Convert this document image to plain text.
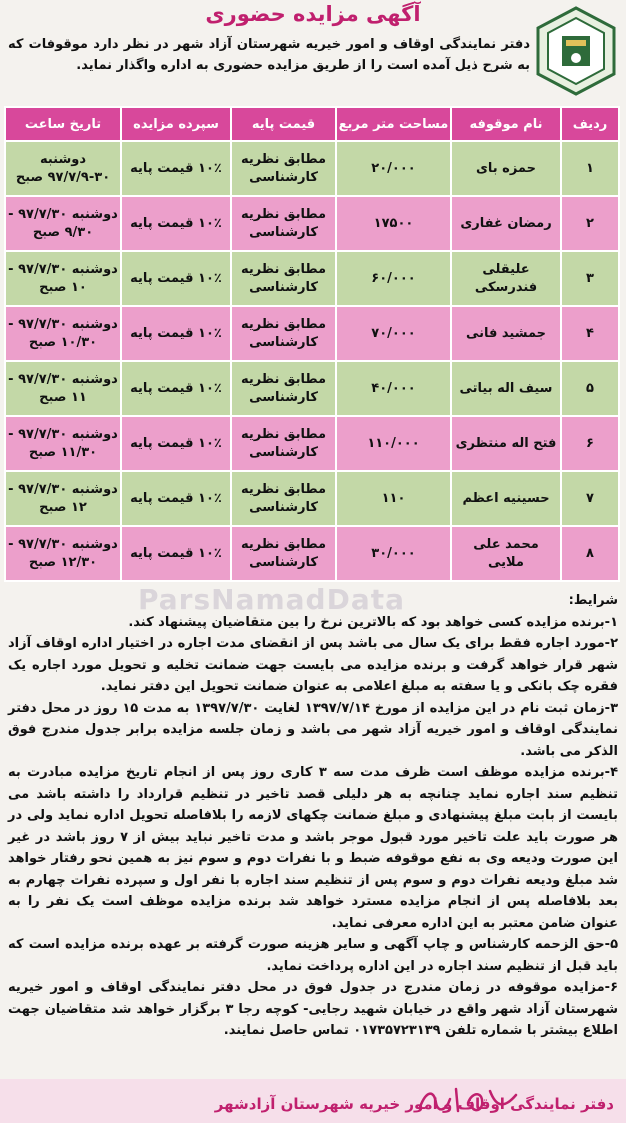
آگهی مزایده حضوری
دفتر نمایندگی اوقاف و امور خیریه شهرستان آزاد شهر در نظر دارد موقوفات که به شرح ذیل آمده است را از طریق مزایده حضوری به اداره واگذار نماید.
ردیف	نام موقوفه	مساحت متر مربع	قیمت پایه	سپرده مزایده	تاریخ ساعت
۱	حمزه بای	۲۰/۰۰۰	مطابق نظریه کارشناسی	۱۰٪ قیمت پایه	دوشنبه ۳۰-۹۷/۷/۹ صبح
۲	رمضان غفاری	۱۷۵۰۰	مطابق نظریه کارشناسی	۱۰٪ قیمت پایه	دوشنبه ۹۷/۷/۳۰ - ۹/۳۰ صبح
۳	علیقلی فندرسکی	۶۰/۰۰۰	مطابق نظریه کارشناسی	۱۰٪ قیمت پایه	دوشنبه ۹۷/۷/۳۰ - ۱۰ صبح
۴	جمشید فانی	۷۰/۰۰۰	مطابق نظریه کارشناسی	۱۰٪ قیمت پایه	دوشنبه ۹۷/۷/۳۰ - ۱۰/۳۰ صبح
۵	سیف اله بیاتی	۴۰/۰۰۰	مطابق نظریه کارشناسی	۱۰٪ قیمت پایه	دوشنبه ۹۷/۷/۳۰ - ۱۱ صبح
۶	فتح اله منتظری	۱۱۰/۰۰۰	مطابق نظریه کارشناسی	۱۰٪ قیمت پایه	دوشنبه ۹۷/۷/۳۰ - ۱۱/۳۰ صبح
۷	حسینیه اعظم	۱۱۰	مطابق نظریه کارشناسی	۱۰٪ قیمت پایه	دوشنبه ۹۷/۷/۳۰ - ۱۲ صبح
۸	محمد علی ملایی	۳۰/۰۰۰	مطابق نظریه کارشناسی	۱۰٪ قیمت پایه	دوشنبه ۹۷/۷/۳۰ - ۱۲/۳۰ صبح
ParsNamadData	شرایط:

۱-برنده مزایده کسی خواهد بود که بالاترین نرخ را بین متقاضیان پیشنهاد کند.

۲-مورد اجاره فقط برای یک سال می باشد پس از انقضای مدت اجاره در اختیار اداره اوقاف آزاد شهر قرار خواهد گرفت و برنده مزایده می بایست جهت ضمانت تخلیه و تحویل مورد اجاره یک فقره چک بانکی و یا سفته به مبلغ اعلامی به عنوان ضمانت تحویل این دفتر نماید.

۳-زمان ثبت نام در این مزایده از مورخ ۱۳۹۷/۷/۱۴ لغایت ۱۳۹۷/۷/۳۰ به مدت ۱۵ روز در محل دفتر نمایندگی اوقاف و امور خیریه آزاد شهر می باشد و زمان جلسه مزایده برابر جدول مندرج فوق الذکر می باشد.

۴-برنده مزایده موظف است ظرف مدت سه ۳ کاری روز پس از انجام تاریخ مزایده مبادرت به تنظیم سند اجاره نماید چنانچه به هر دلیلی قصد تاخیر در تنظیم قرارداد را داشته باشد می بایست از بابت مبلغ پیشنهادی و مبلغ ضمانت چکهای لازمه را بلافاصله تحویل اداره نماید ولی در هر صورت باید علت تاخیر مورد قبول موجر باشد و مدت تاخیر نباید بیش از ۷ روز باشد در غیر این صورت ودیعه وی به نفع موقوفه ضبط و با نفرات دوم و سوم نیز به همین نحو رفتار خواهد شد مبلغ ودیعه نفرات دوم و سوم پس از تنظیم سند اجاره با نفر اول و سپرده نفرات چهارم به بعد بلافاصله پس از انجام مزایده مسترد خواهد شد برنده مزایده موظف است یک نفر را به عنوان ضامن معتبر به این اداره معرفی نماید.

۵-حق الزحمه کارشناس و چاپ آگهی و سایر هزینه صورت گرفته بر عهده برنده مزایده است که باید قبل از تنظیم سند اجاره در این اداره پرداخت نماید.

۶-مزایده موقوفه در زمان مندرج در جدول فوق در محل دفتر نمایندگی اوقاف و امور خیریه شهرستان آزاد شهر واقع در خیابان شهید رجایی- کوچه رجا ۳ برگزار خواهد شد متقاضیان جهت اطلاع بیشتر با شماره تلفن ۰۱۷۳۵۷۲۳۱۳۹ تماس حاصل نمایند.

دفتر نمایندگی اوقاف و امور خیریه شهرستان آزادشهر
